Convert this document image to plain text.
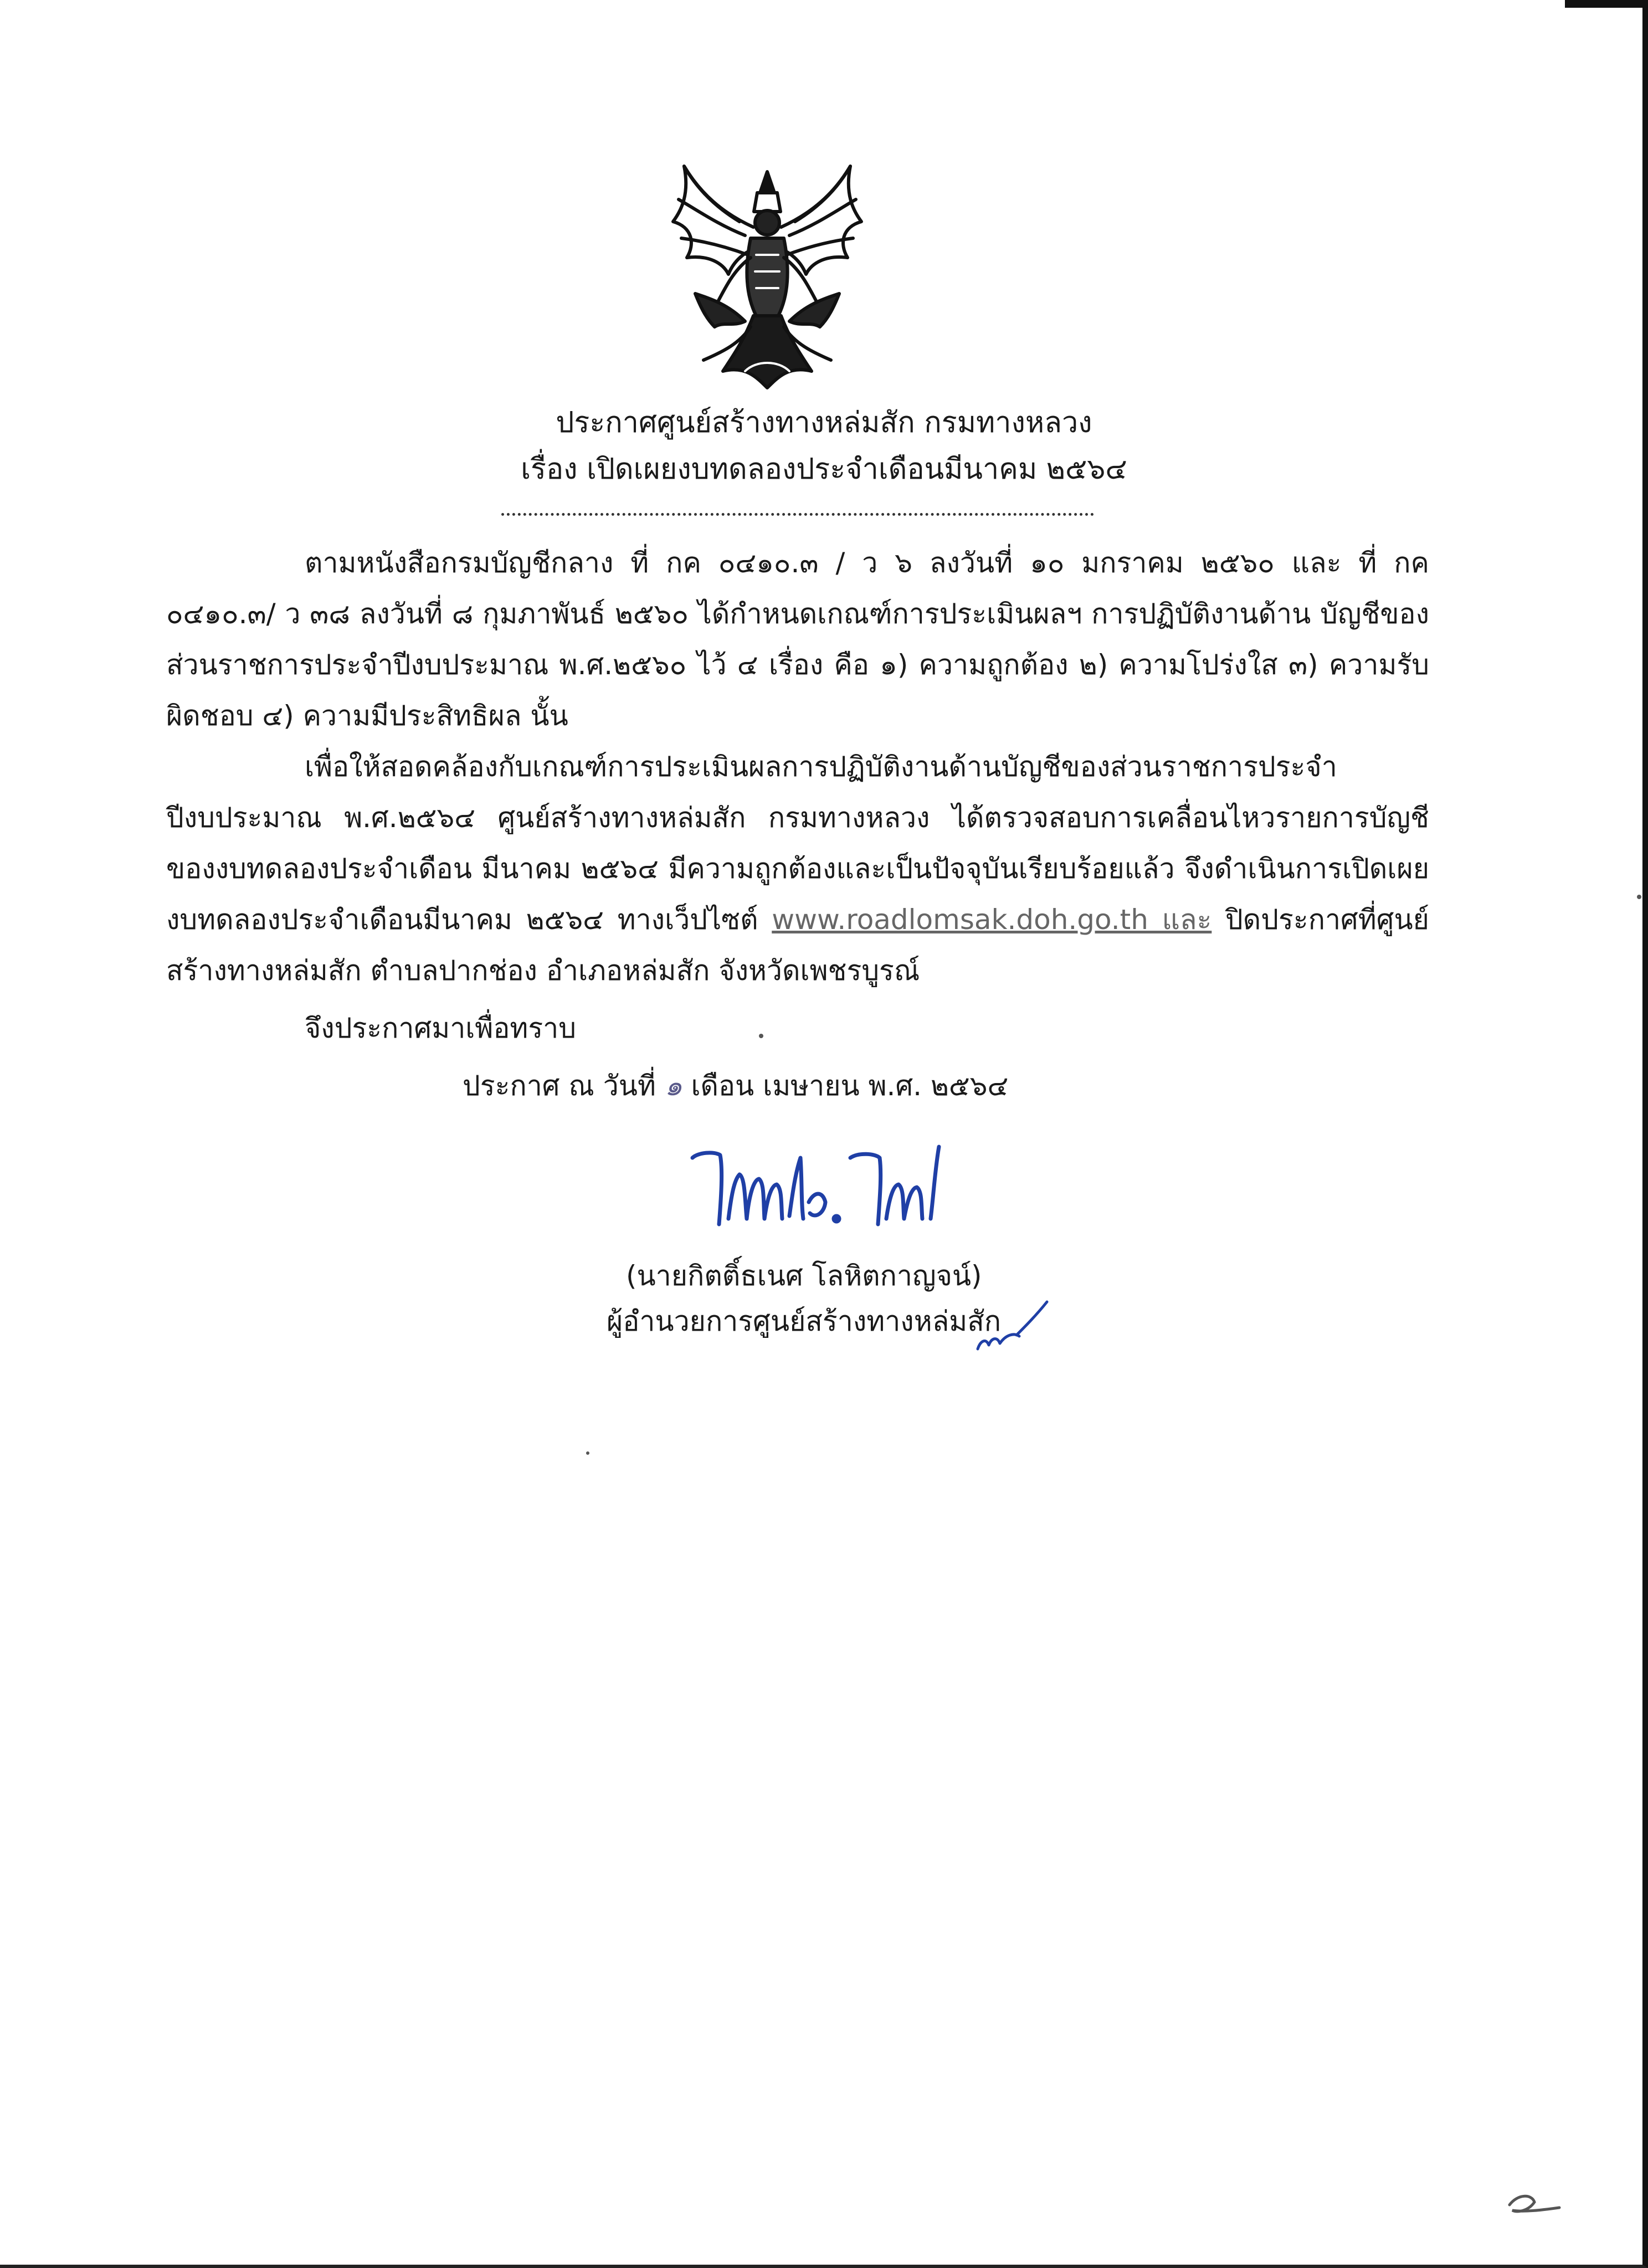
ประกาศศูนย์สร้างทางหล่มสัก กรมทางหลวง
เรื่อง เปิดเผยงบทดลองประจำเดือนมีนาคม ๒๕๖๔

ตามหนังสือกรมบัญชีกลาง ที่ กค ๐๔๑๐.๓ / ว ๖ ลงวันที่ ๑๐ มกราคม ๒๕๖๐ และ ที่ กค ๐๔๑๐.๓/ ว ๓๘ ลงวันที่ ๘ กุมภาพันธ์ ๒๕๖๐ ได้กำหนดเกณฑ์การประเมินผลฯ การปฏิบัติงานด้าน บัญชีของส่วนราชการประจำปีงบประมาณ พ.ศ.๒๕๖๐ ไว้ ๔ เรื่อง คือ ๑) ความถูกต้อง ๒) ความโปร่งใส ๓) ความรับผิดชอบ ๔) ความมีประสิทธิผล นั้น

เพื่อให้สอดคล้องกับเกณฑ์การประเมินผลการปฏิบัติงานด้านบัญชีของส่วนราชการประจำ ปีงบประมาณ พ.ศ.๒๕๖๔ ศูนย์สร้างทางหล่มสัก กรมทางหลวง ได้ตรวจสอบการเคลื่อนไหวรายการบัญชี ของงบทดลองประจำเดือน มีนาคม ๒๕๖๔ มีความถูกต้องและเป็นปัจจุบันเรียบร้อยแล้ว จึงดำเนินการเปิดเผย งบทดลองประจำเดือนมีนาคม ๒๕๖๔ ทางเว็ปไซต์ www.roadlomsak.doh.go.th และ ปิดประกาศที่ศูนย์ สร้างทางหล่มสัก ตำบลปากช่อง อำเภอหล่มสัก จังหวัดเพชรบูรณ์

จึงประกาศมาเพื่อทราบ

ประกาศ ณ วันที่ ๑ เดือน เมษายน พ.ศ. ๒๕๖๔
(นายกิตติ์ธเนศ โลหิตกาญจน์)
ผู้อำนวยการศูนย์สร้างทางหล่มสัก
